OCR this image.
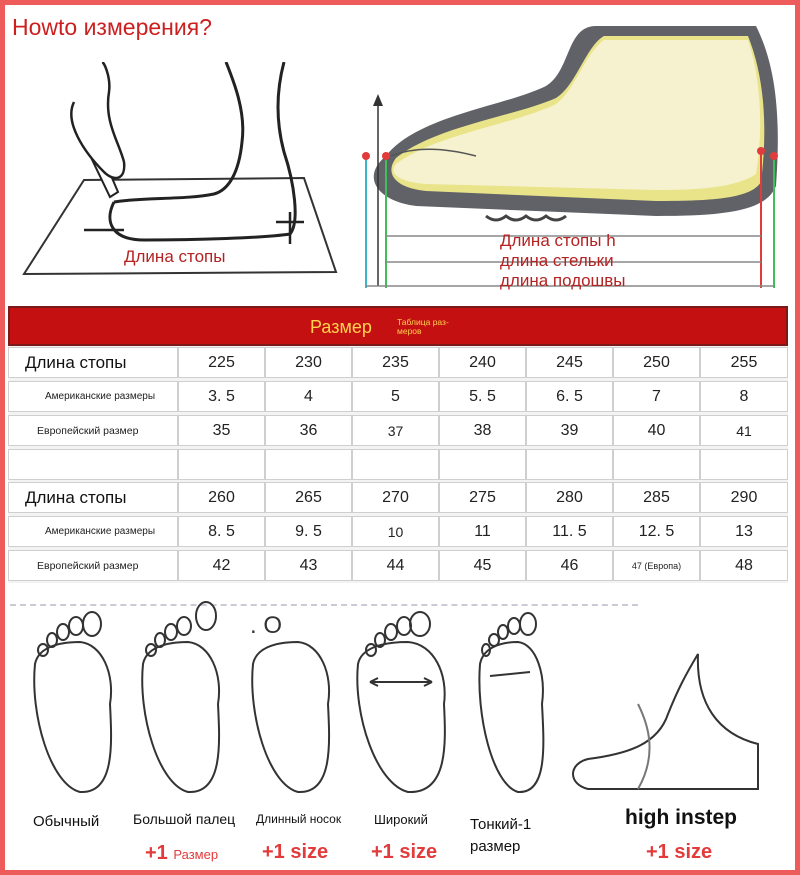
Howto измерения?
Длина стопы
Длина стопы h
длина стельки
длина подошвы
Размер	Таблица раз-меров
Длина стопы	225	230	235	240	245	250	255
Американские размеры	3. 5	4	5	5. 5	6. 5	7	8
Европейский размер	35	36	37	38	39	40	41
Длина стопы	260	265	270	275	280	285	290
Американские размеры	8. 5	9. 5	10	11	11. 5	12. 5	13
Европейский размер	42	43	44	45	46	47 (Европа)	48
. O
Обычный Большой палец Длинный носок	Широкий	Тонкий-1
размер
high instep
+1 Размер +1 size +1 size	+1 size
